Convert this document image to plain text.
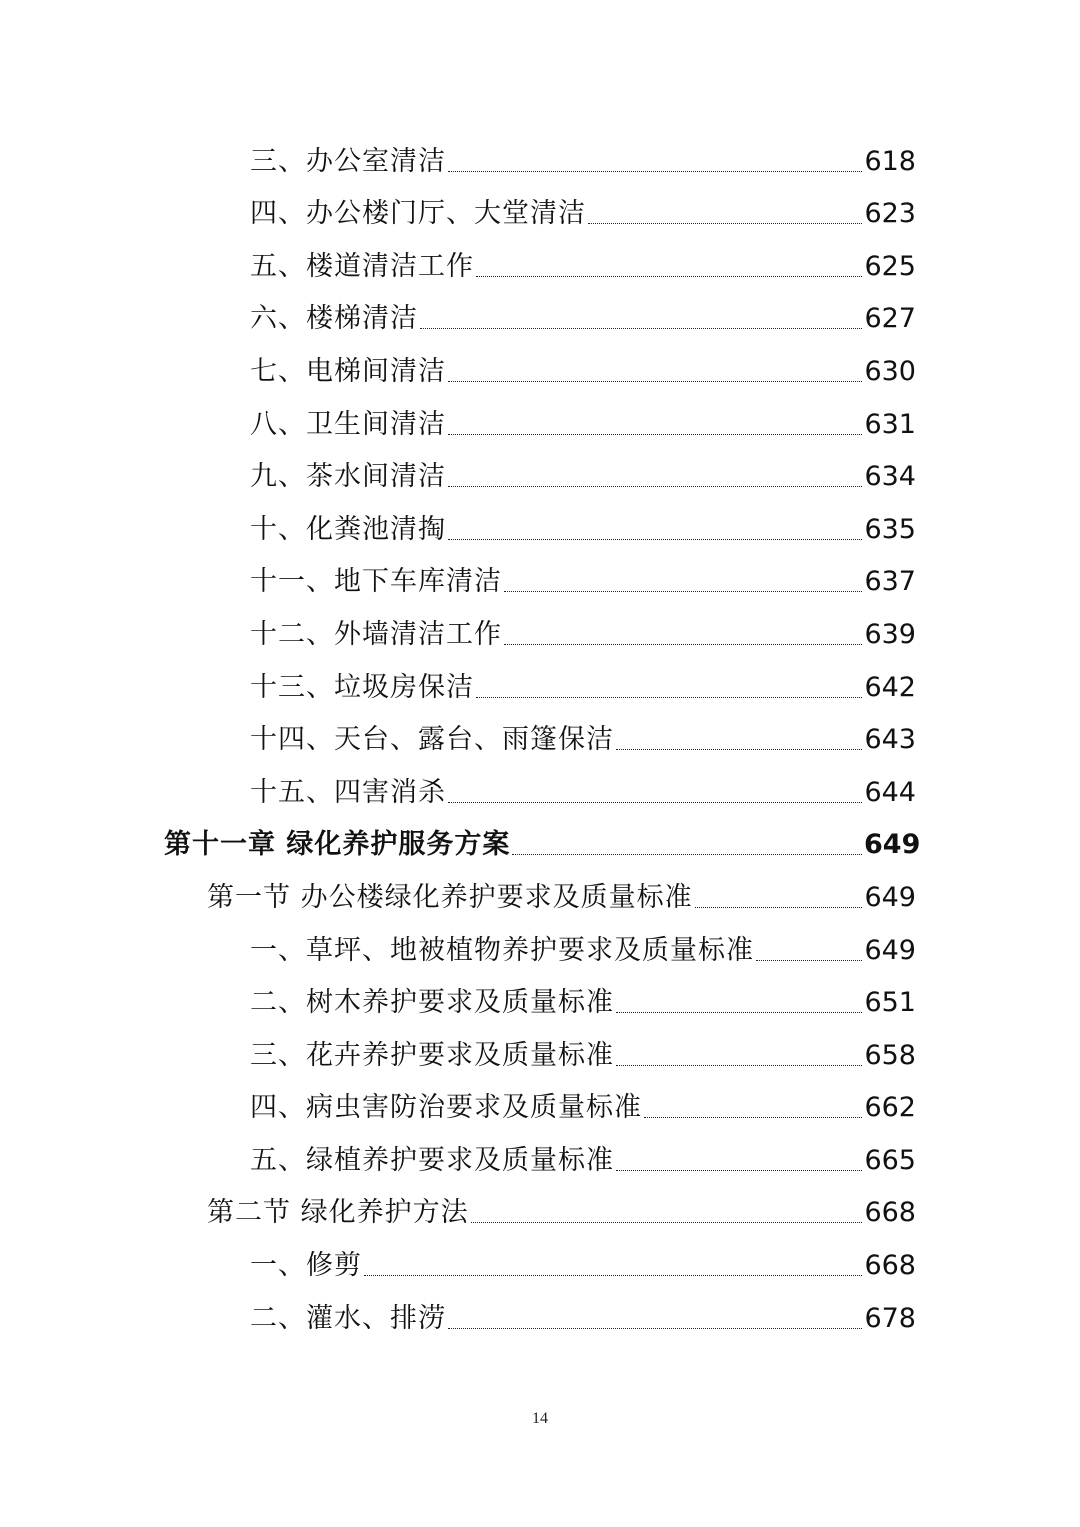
三、办公室清洁	618
四、办公楼门厅、大堂清洁	623
五、楼道清洁工作	625
六、楼梯清洁	627
七、电梯间清洁	630
八、卫生间清洁	631
九、茶水间清洁	634
十、化粪池清掏	635
十一、地下车库清洁	637
十二、外墙清洁工作	639
十三、垃圾房保洁	642
十四、天台、露台、雨篷保洁	643
十五、四害消杀	644
第十一章 绿化养护服务方案	649
第一节 办公楼绿化养护要求及质量标准	649
一、草坪、地被植物养护要求及质量标准	649
二、树木养护要求及质量标准	651
三、花卉养护要求及质量标准	658
四、病虫害防治要求及质量标准	662
五、绿植养护要求及质量标准	665
第二节 绿化养护方法	668
一、修剪	668
二、灌水、排涝	678
14
